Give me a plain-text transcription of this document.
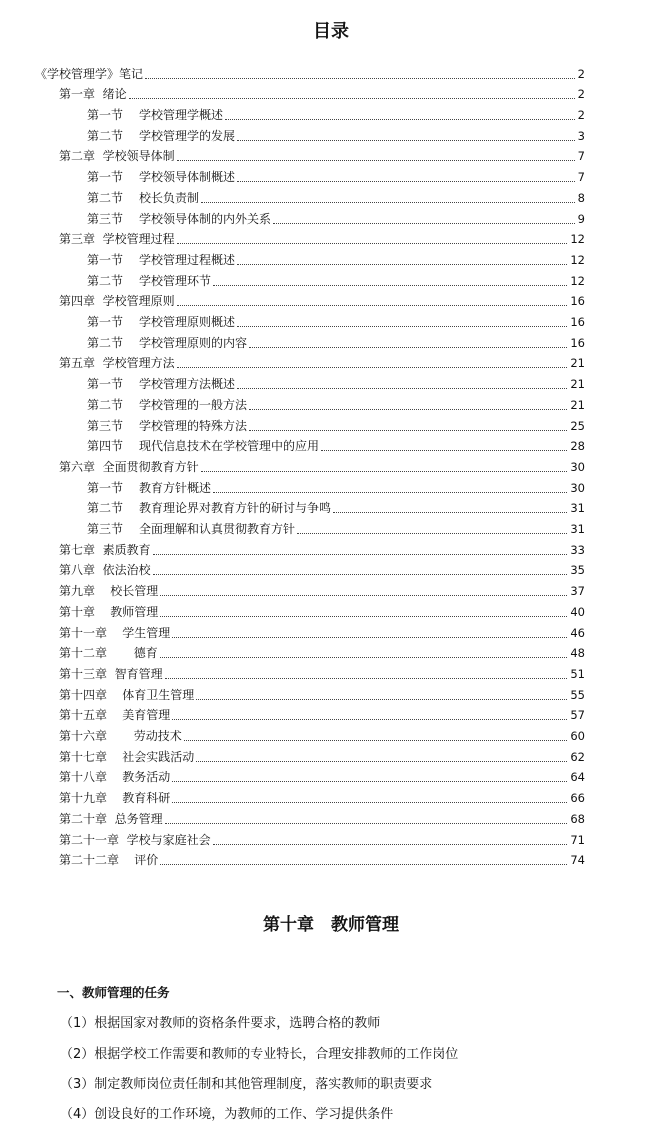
目录
《学校管理学》笔记	2
第一章 绪论	2
第一节 学校管理学概述	2
第二节 学校管理学的发展	3
第二章 学校领导体制	7
第一节 学校领导体制概述	7
第二节 校长负责制	8
第三节 学校领导体制的内外关系	9
第三章 学校管理过程	12
第一节 学校管理过程概述	12
第二节 学校管理环节	12
第四章 学校管理原则	16
第一节 学校管理原则概述	16
第二节 学校管理原则的内容	16
第五章 学校管理方法	21
第一节 学校管理方法概述	21
第二节 学校管理的一般方法	21
第三节 学校管理的特殊方法	25
第四节 现代信息技术在学校管理中的应用	28
第六章 全面贯彻教育方针	30
第一节 教育方针概述	30
第二节 教育理论界对教育方针的研讨与争鸣	31
第三节 全面理解和认真贯彻教育方针	31
第七章 素质教育	33
第八章 依法治校	35
第九章 校长管理	37
第十章 教师管理	40
第十一章 学生管理	46
第十二章 德育	48
第十三章 智育管理	51
第十四章 体育卫生管理	55
第十五章 美育管理	57
第十六章 劳动技术	60
第十七章 社会实践活动	62
第十八章 教务活动	64
第十九章 教育科研	66
第二十章 总务管理	68
第二十一章 学校与家庭社会	71
第二十二章 评价	74
第十章　教师管理
一、教师管理的任务
（1）根据国家对教师的资格条件要求，选聘合格的教师
（2）根据学校工作需要和教师的专业特长，合理安排教师的工作岗位
（3）制定教师岗位责任制和其他管理制度，落实教师的职责要求
（4）创设良好的工作环境，为教师的工作、学习提供条件
